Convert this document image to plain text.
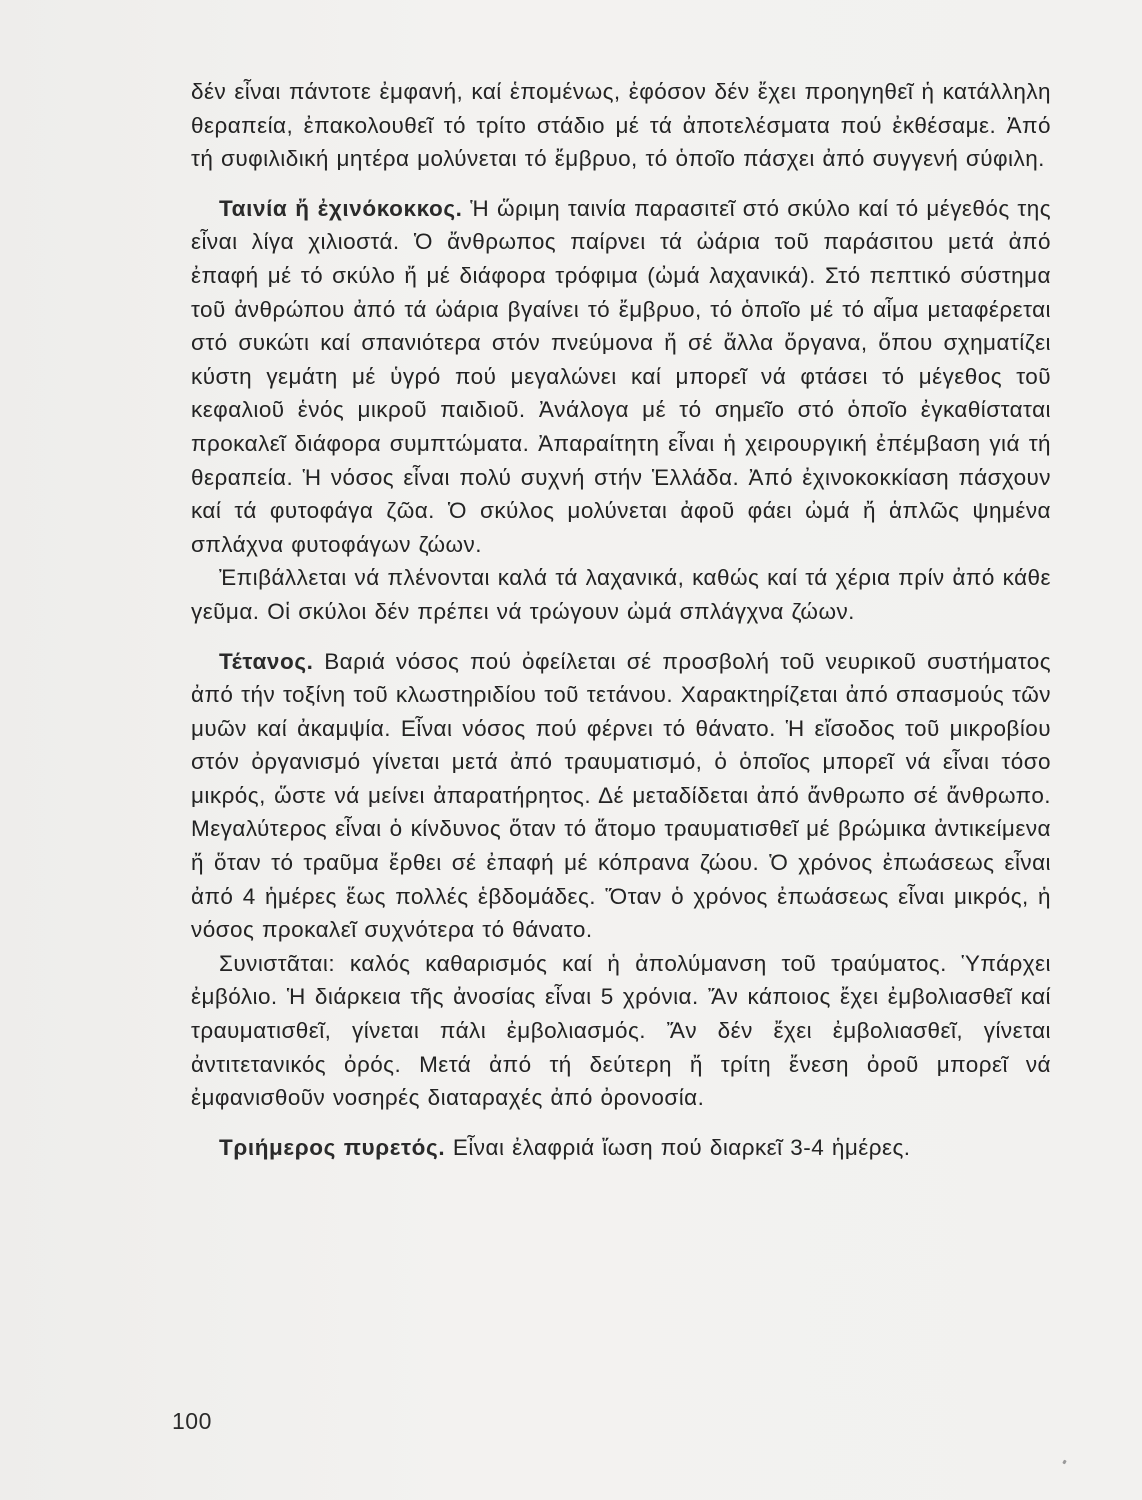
δέν εἶναι πάντοτε ἐμφανή, καί ἑπομένως, ἐφόσον δέν ἔχει προηγηθεῖ ἡ κατάλληλη θεραπεία, ἐπακολουθεῖ τό τρίτο στάδιο μέ τά ἀποτελέσματα πού ἐκθέσαμε. Ἀπό τή συφιλιδική μητέρα μολύνεται τό ἔμβρυο, τό ὁποῖο πάσχει ἀπό συγγενή σύφιλη.

Ταινία ἤ ἐχινόκοκκος. Ἡ ὥριμη ταινία παρασιτεῖ στό σκύλο καί τό μέγεθός της εἶναι λίγα χιλιοστά. Ὁ ἄνθρωπος παίρνει τά ὠάρια τοῦ παράσιτου μετά ἀπό ἐπαφή μέ τό σκύλο ἤ μέ διάφορα τρόφιμα (ὠμά λαχανικά). Στό πεπτικό σύστημα τοῦ ἀνθρώπου ἀπό τά ὠάρια βγαίνει τό ἔμβρυο, τό ὁποῖο μέ τό αἷμα μεταφέρεται στό συκώτι καί σπανιότερα στόν πνεύμονα ἤ σέ ἄλλα ὄργανα, ὅπου σχηματίζει κύστη γεμάτη μέ ὑγρό πού μεγαλώνει καί μπορεῖ νά φτάσει τό μέγεθος τοῦ κεφαλιοῦ ἑνός μικροῦ παιδιοῦ. Ἀνάλογα μέ τό σημεῖο στό ὁποῖο ἐγκαθίσταται προκαλεῖ διάφορα συμπτώματα. Ἀπαραίτητη εἶναι ἡ χειρουργική ἐπέμβαση γιά τή θεραπεία. Ἡ νόσος εἶναι πολύ συχνή στήν Ἑλλάδα. Ἀπό ἐχινοκοκκίαση πάσχουν καί τά φυτοφάγα ζῶα. Ὁ σκύλος μολύνεται ἀφοῦ φάει ὠμά ἤ ἁπλῶς ψημένα σπλάχνα φυτοφάγων ζώων.

Ἐπιβάλλεται νά πλένονται καλά τά λαχανικά, καθώς καί τά χέρια πρίν ἀπό κάθε γεῦμα. Οἱ σκύλοι δέν πρέπει νά τρώγουν ὠμά σπλάγχνα ζώων.

Τέτανος. Βαριά νόσος πού ὀφείλεται σέ προσβολή τοῦ νευρικοῦ συστήματος ἀπό τήν τοξίνη τοῦ κλωστηριδίου τοῦ τετάνου. Χαρακτηρίζεται ἀπό σπασμούς τῶν μυῶν καί ἀκαμψία. Εἶναι νόσος πού φέρνει τό θάνατο. Ἡ εἴσοδος τοῦ μικροβίου στόν ὀργανισμό γίνεται μετά ἀπό τραυματισμό, ὁ ὁποῖος μπορεῖ νά εἶναι τόσο μικρός, ὥστε νά μείνει ἀπαρατήρητος. Δέ μεταδίδεται ἀπό ἄνθρωπο σέ ἄνθρωπο. Μεγαλύτερος εἶναι ὁ κίνδυνος ὅταν τό ἄτομο τραυματισθεῖ μέ βρώμικα ἀντικείμενα ἤ ὅταν τό τραῦμα ἔρθει σέ ἐπαφή μέ κόπρανα ζώου. Ὁ χρόνος ἐπωάσεως εἶναι ἀπό 4 ἡμέρες ἕως πολλές ἑβδομάδες. Ὅταν ὁ χρόνος ἐπωάσεως εἶναι μικρός, ἡ νόσος προκαλεῖ συχνότερα τό θάνατο.

Συνιστᾶται: καλός καθαρισμός καί ἡ ἀπολύμανση τοῦ τραύματος. Ὑπάρχει ἐμβόλιο. Ἡ διάρκεια τῆς ἀνοσίας εἶναι 5 χρόνια. Ἄν κάποιος ἔχει ἐμβολιασθεῖ καί τραυματισθεῖ, γίνεται πάλι ἐμβολιασμός. Ἄν δέν ἔχει ἐμβολιασθεῖ, γίνεται ἀντιτετανικός ὀρός. Μετά ἀπό τή δεύτερη ἤ τρίτη ἔνεση ὀροῦ μπορεῖ νά ἐμφανισθοῦν νοσηρές διαταραχές ἀπό ὀρονοσία.

Τριήμερος πυρετός. Εἶναι ἐλαφριά ἴωση πού διαρκεῖ 3-4 ἡμέρες.

100
